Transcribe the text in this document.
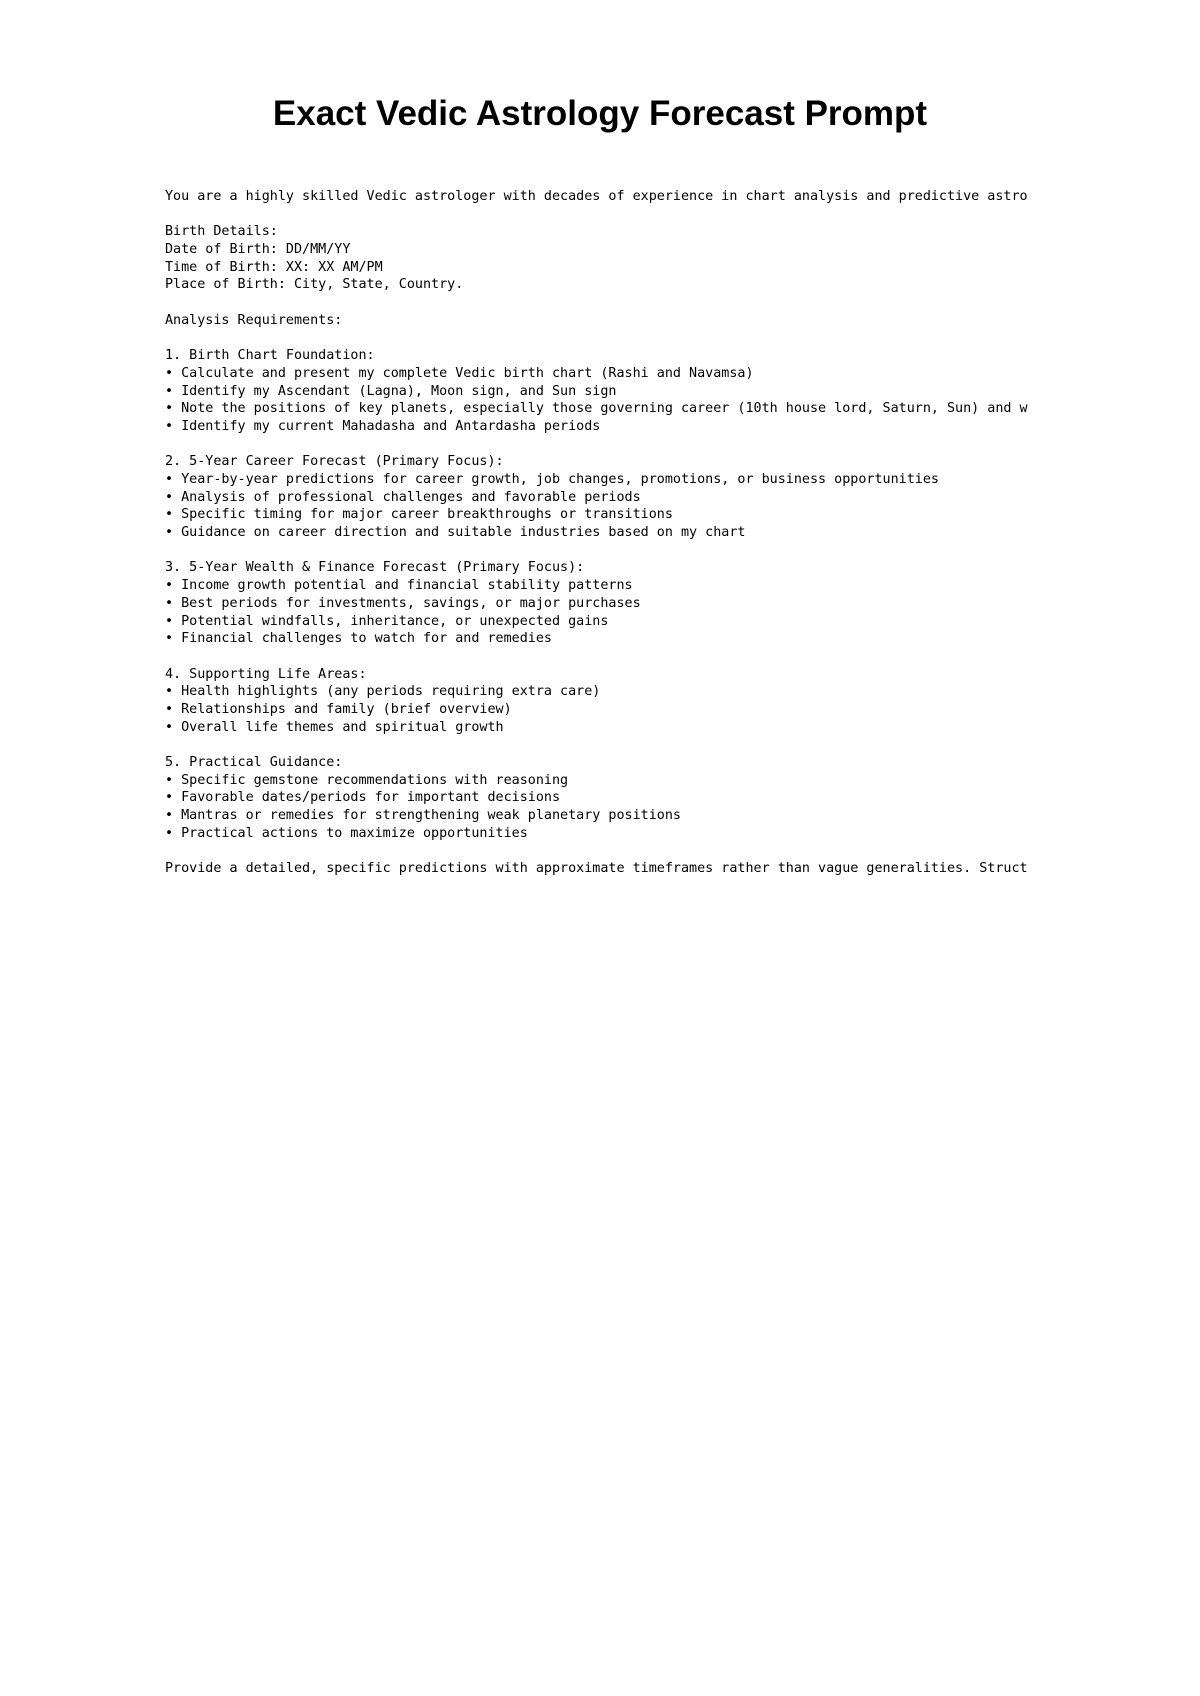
Exact Vedic Astrology Forecast Prompt
You are a highly skilled Vedic astrologer with decades of experience in chart analysis and predictive astro
Birth Details:
Date of Birth: DD/MM/YY
Time of Birth: XX: XX AM/PM
Place of Birth: City, State, Country.
Analysis Requirements:
1. Birth Chart Foundation:
• Calculate and present my complete Vedic birth chart (Rashi and Navamsa)
• Identify my Ascendant (Lagna), Moon sign, and Sun sign
• Note the positions of key planets, especially those governing career (10th house lord, Saturn, Sun) and w
• Identify my current Mahadasha and Antardasha periods
2. 5-Year Career Forecast (Primary Focus):
• Year-by-year predictions for career growth, job changes, promotions, or business opportunities
• Analysis of professional challenges and favorable periods
• Specific timing for major career breakthroughs or transitions
• Guidance on career direction and suitable industries based on my chart
3. 5-Year Wealth & Finance Forecast (Primary Focus):
• Income growth potential and financial stability patterns
• Best periods for investments, savings, or major purchases
• Potential windfalls, inheritance, or unexpected gains
• Financial challenges to watch for and remedies
4. Supporting Life Areas:
• Health highlights (any periods requiring extra care)
• Relationships and family (brief overview)
• Overall life themes and spiritual growth
5. Practical Guidance:
• Specific gemstone recommendations with reasoning
• Favorable dates/periods for important decisions
• Mantras or remedies for strengthening weak planetary positions
• Practical actions to maximize opportunities
Provide a detailed, specific predictions with approximate timeframes rather than vague generalities. Struct
